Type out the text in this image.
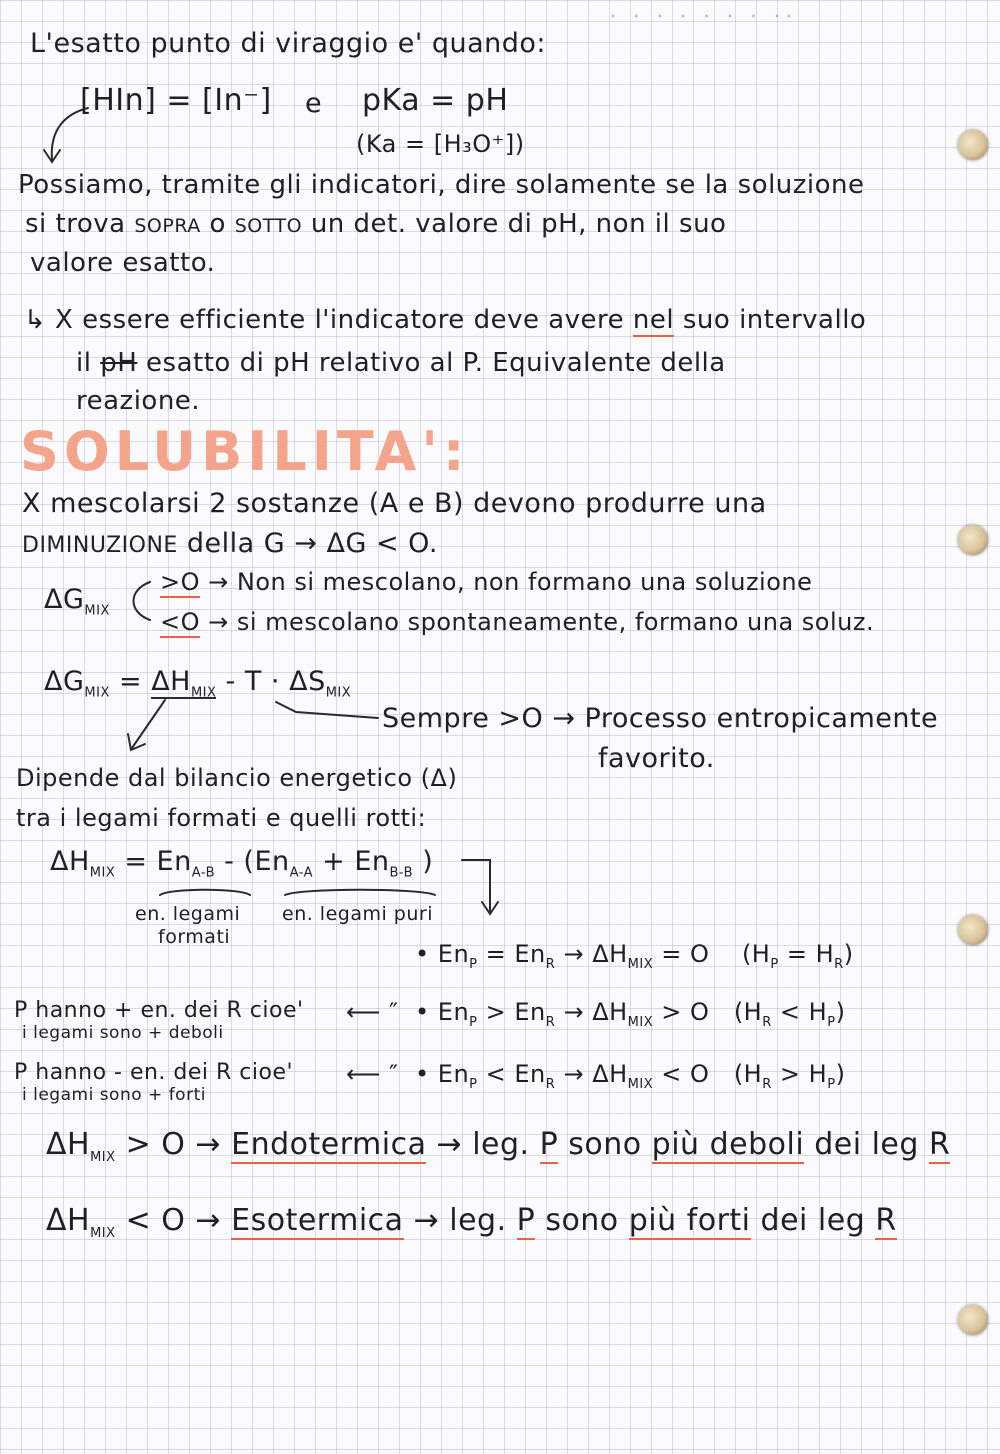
· · · · · · · ··
L'esatto punto di viraggio e' quando:
[HIn] = [In⁻] e pKa = pH
(Ka = [H₃O⁺])
Possiamo, tramite gli indicatori, dire solamente se la soluzione
si trova SOPRA o SOTTO un det. valore di pH, non il suo
valore esatto.
↳ X essere efficiente l'indicatore deve avere nel suo intervallo
il pH esatto di pH relativo al P. Equivalente della
reazione.
SOLUBILITA':
X mescolarsi 2 sostanze (A e B) devono produrre una
DIMINUZIONE della G → ΔG < O.
$\Delta G_{MIX}$
>O → Non si mescolano, non formano una soluzione
<O → si mescolano spontaneamente, formano una soluz.
$\Delta G_{MIX} = \Delta H_{MIX} - T \cdot \Delta S_{MIX}$
Sempre >O → Processo entropicamente
favorito.
Dipende dal bilancio energetico (Δ)
tra i legami formati e quelli rotti:
$\Delta H_{MIX} = En_{A-B} - (En_{A-A} + En_{B-B}$ )
en. legami
formati
en. legami puri
• $En_P = En_R \to \Delta H_{MIX} = O$ $(H_P = H_R)$
P hanno + en. dei R cioe'
i legami sono + deboli
⟵ ″ • $En_P > En_R \to \Delta H_{MIX} > O$ $(H_R < H_P)$
P hanno - en. dei R cioe'
i legami sono + forti
⟵ ″ • $En_P < En_R \to \Delta H_{MIX} < O$ $(H_R > H_P)$
$\Delta H_{MIX} > O$ → Endotermica → leg. P sono più deboli dei leg R
$\Delta H_{MIX} < O$ → Esotermica → leg. P sono più forti dei leg R
